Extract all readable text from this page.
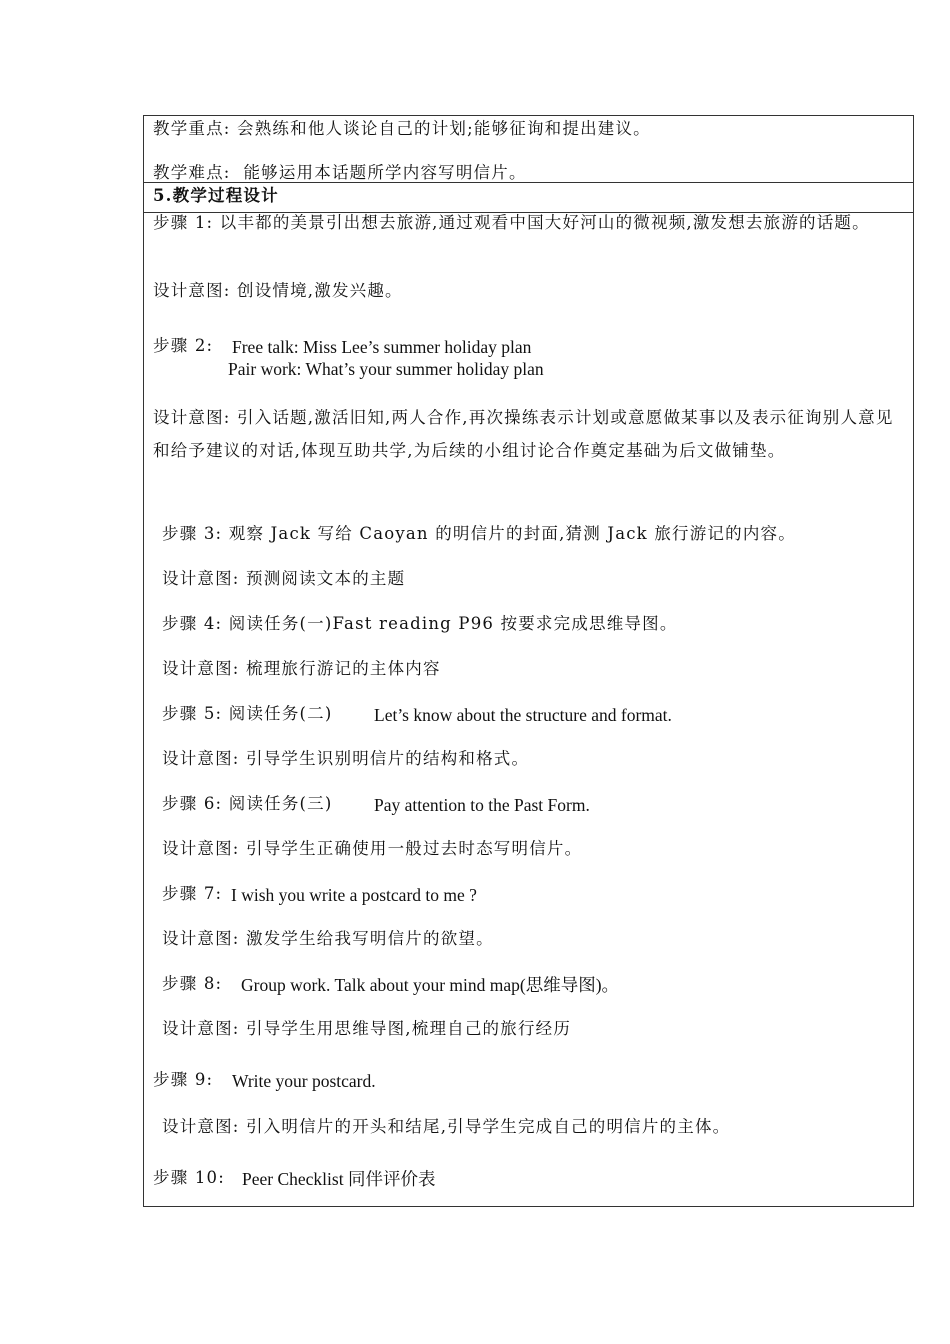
教学重点: 会熟练和他人谈论自己的计划;能够征询和提出建议。
教学难点: 能够运用本话题所学内容写明信片。
5.教学过程设计
步骤 1: 以丰都的美景引出想去旅游,通过观看中国大好河山的微视频,激发想去旅游的话题。
设计意图: 创设情境,激发兴趣。
步骤 2: Free talk: Miss Lee’s summer holiday plan
Pair work: What’s your summer holiday plan
设计意图: 引入话题,激活旧知,两人合作,再次操练表示计划或意愿做某事以及表示征询别人意见和给予建议的对话,体现互助共学,为后续的小组讨论合作奠定基础为后文做铺垫。
步骤 3: 观察 Jack 写给 Caoyan 的明信片的封面,猜测 Jack 旅行游记的内容。
设计意图: 预测阅读文本的主题
步骤 4: 阅读任务(一)Fast reading P96 按要求完成思维导图。
设计意图: 梳理旅行游记的主体内容
步骤 5: 阅读任务(二) Let’s know about the structure and format.
设计意图: 引导学生识别明信片的结构和格式。
步骤 6: 阅读任务(三) Pay attention to the Past Form.
设计意图: 引导学生正确使用一般过去时态写明信片。
步骤 7: I wish you write a postcard to me ?
设计意图: 激发学生给我写明信片的欲望。
步骤 8: Group work. Talk about your mind map(思维导图)。
设计意图: 引导学生用思维导图,梳理自己的旅行经历
步骤 9: Write your postcard.
设计意图: 引入明信片的开头和结尾,引导学生完成自己的明信片的主体。
步骤 10: Peer Checklist 同伴评价表
